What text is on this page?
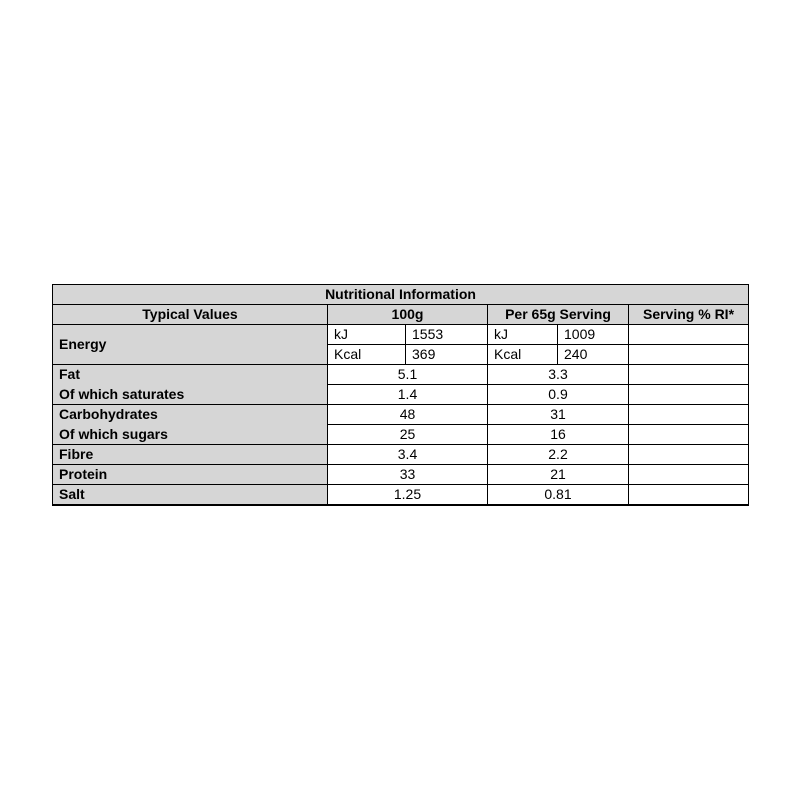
Nutritional Information					
Typical Values	100g		Per 65g Serving		Serving % RI*
Energy	kJ	1553	kJ	1009	
	Kcal	369	Kcal	240	
Fat	5.1		3.3		
Of which saturates	1.4		0.9		
Carbohydrates	48		31		
Of which sugars	25		16		
Fibre	3.4		2.2		
Protein	33		21		
Salt	1.25		0.81		
